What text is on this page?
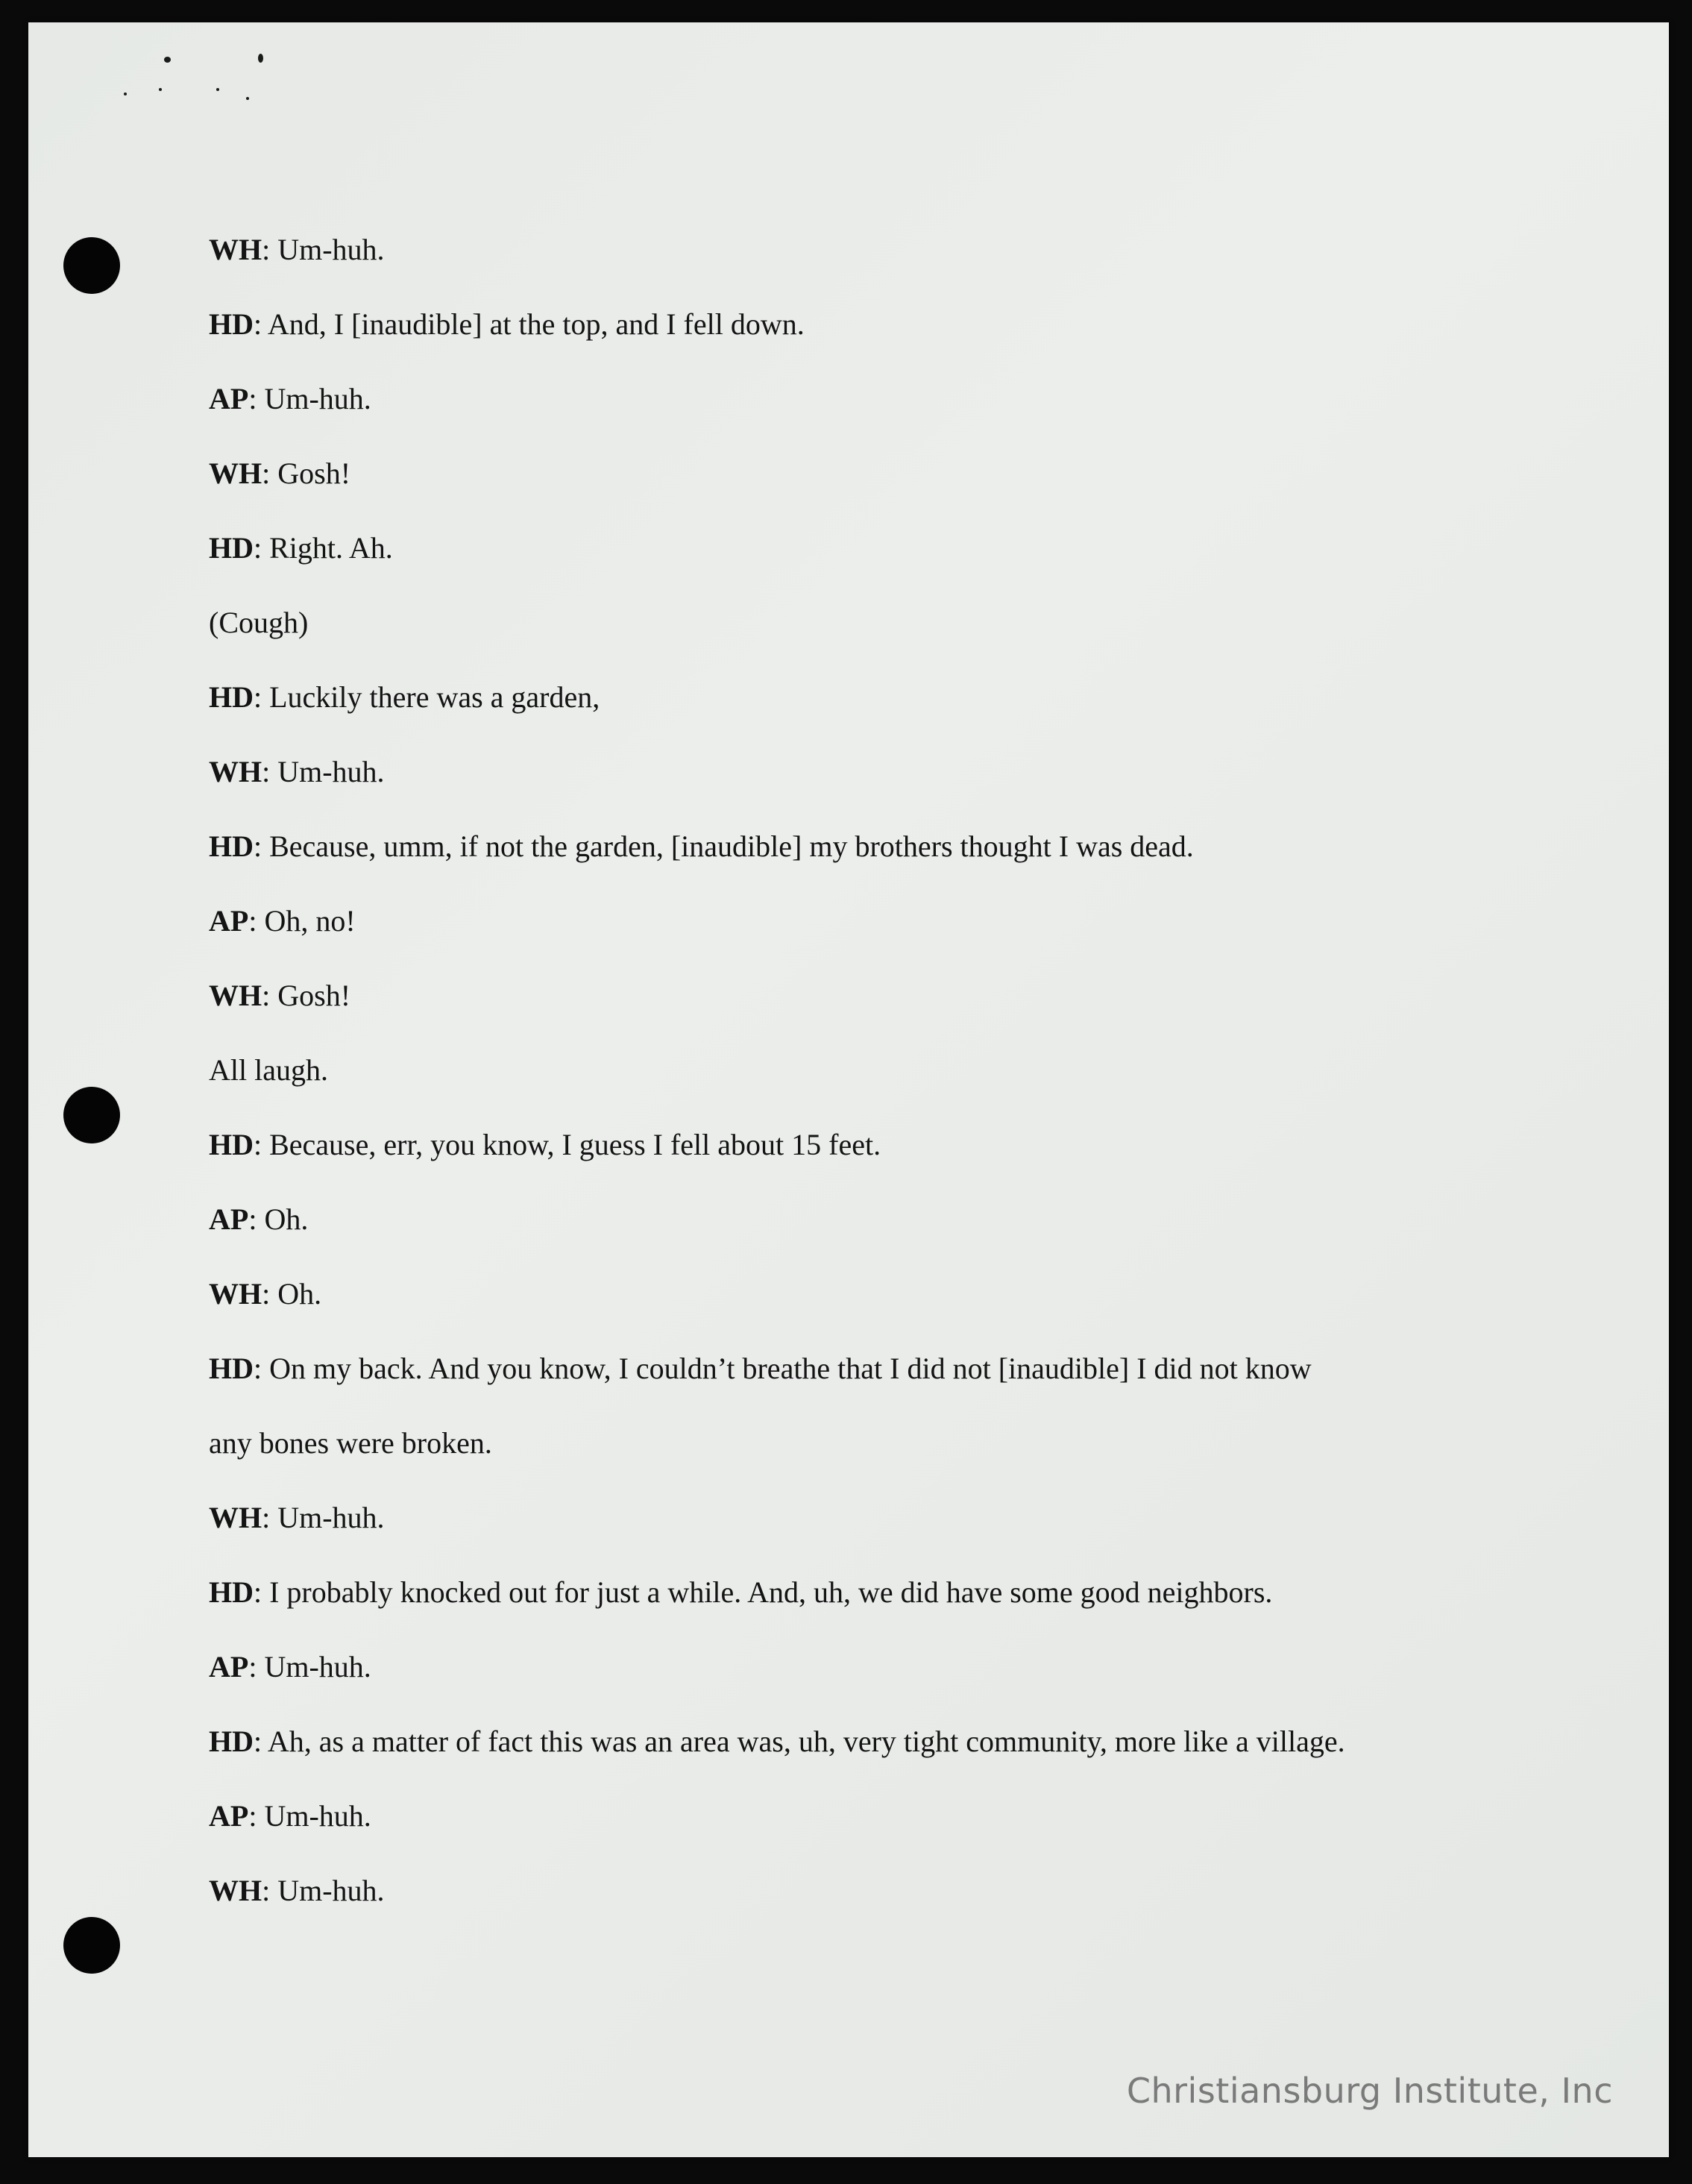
WH: Um-huh.
HD: And, I [inaudible] at the top, and I fell down.
AP: Um-huh.
WH: Gosh!
HD: Right. Ah.
(Cough)
HD: Luckily there was a garden,
WH: Um-huh.
HD: Because, umm, if not the garden, [inaudible] my brothers thought I was dead.
AP: Oh, no!
WH: Gosh!
All laugh.
HD: Because, err, you know, I guess I fell about 15 feet.
AP: Oh.
WH: Oh.
HD: On my back. And you know, I couldn’t breathe that I did not [inaudible] I did not know
any bones were broken.
WH: Um-huh.
HD: I probably knocked out for just a while. And, uh, we did have some good neighbors.
AP: Um-huh.
HD: Ah, as a matter of fact this was an area was, uh, very tight community, more like a village.
AP: Um-huh.
WH: Um-huh.
Christiansburg Institute, Inc
